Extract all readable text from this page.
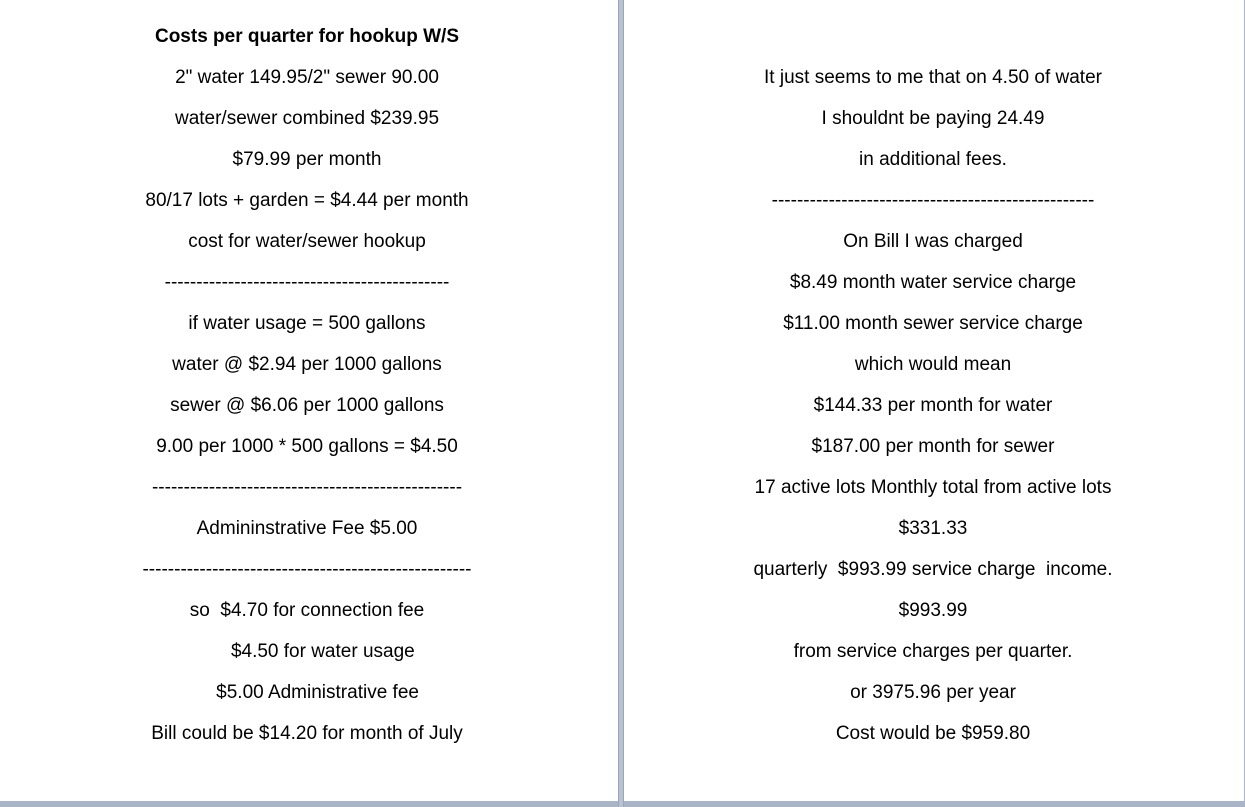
Costs per quarter for hookup W/S
2" water 149.95/2" sewer 90.00
water/sewer combined $239.95
$79.99 per month
80/17 lots + garden = $4.44 per month
cost for water/sewer hookup
---------------------------------------------
if water usage = 500 gallons
water @ $2.94 per 1000 gallons
sewer @ $6.06 per 1000 gallons
9.00 per 1000 * 500 gallons = $4.50
-------------------------------------------------
Admininstrative Fee $5.00
----------------------------------------------------
so  $4.70 for connection fee
$4.50 for water usage
$5.00 Administrative fee
Bill could be $14.20 for month of July
It just seems to me that on 4.50 of water
I shouldnt be paying 24.49
in additional fees.
---------------------------------------------------
On Bill I was charged
$8.49 month water service charge
$11.00 month sewer service charge
which would mean
$144.33 per month for water
$187.00 per month for sewer
17 active lots Monthly total from active lots
$331.33
quarterly  $993.99 service charge  income.
$993.99
from service charges per quarter.
or 3975.96 per year
Cost would be $959.80
